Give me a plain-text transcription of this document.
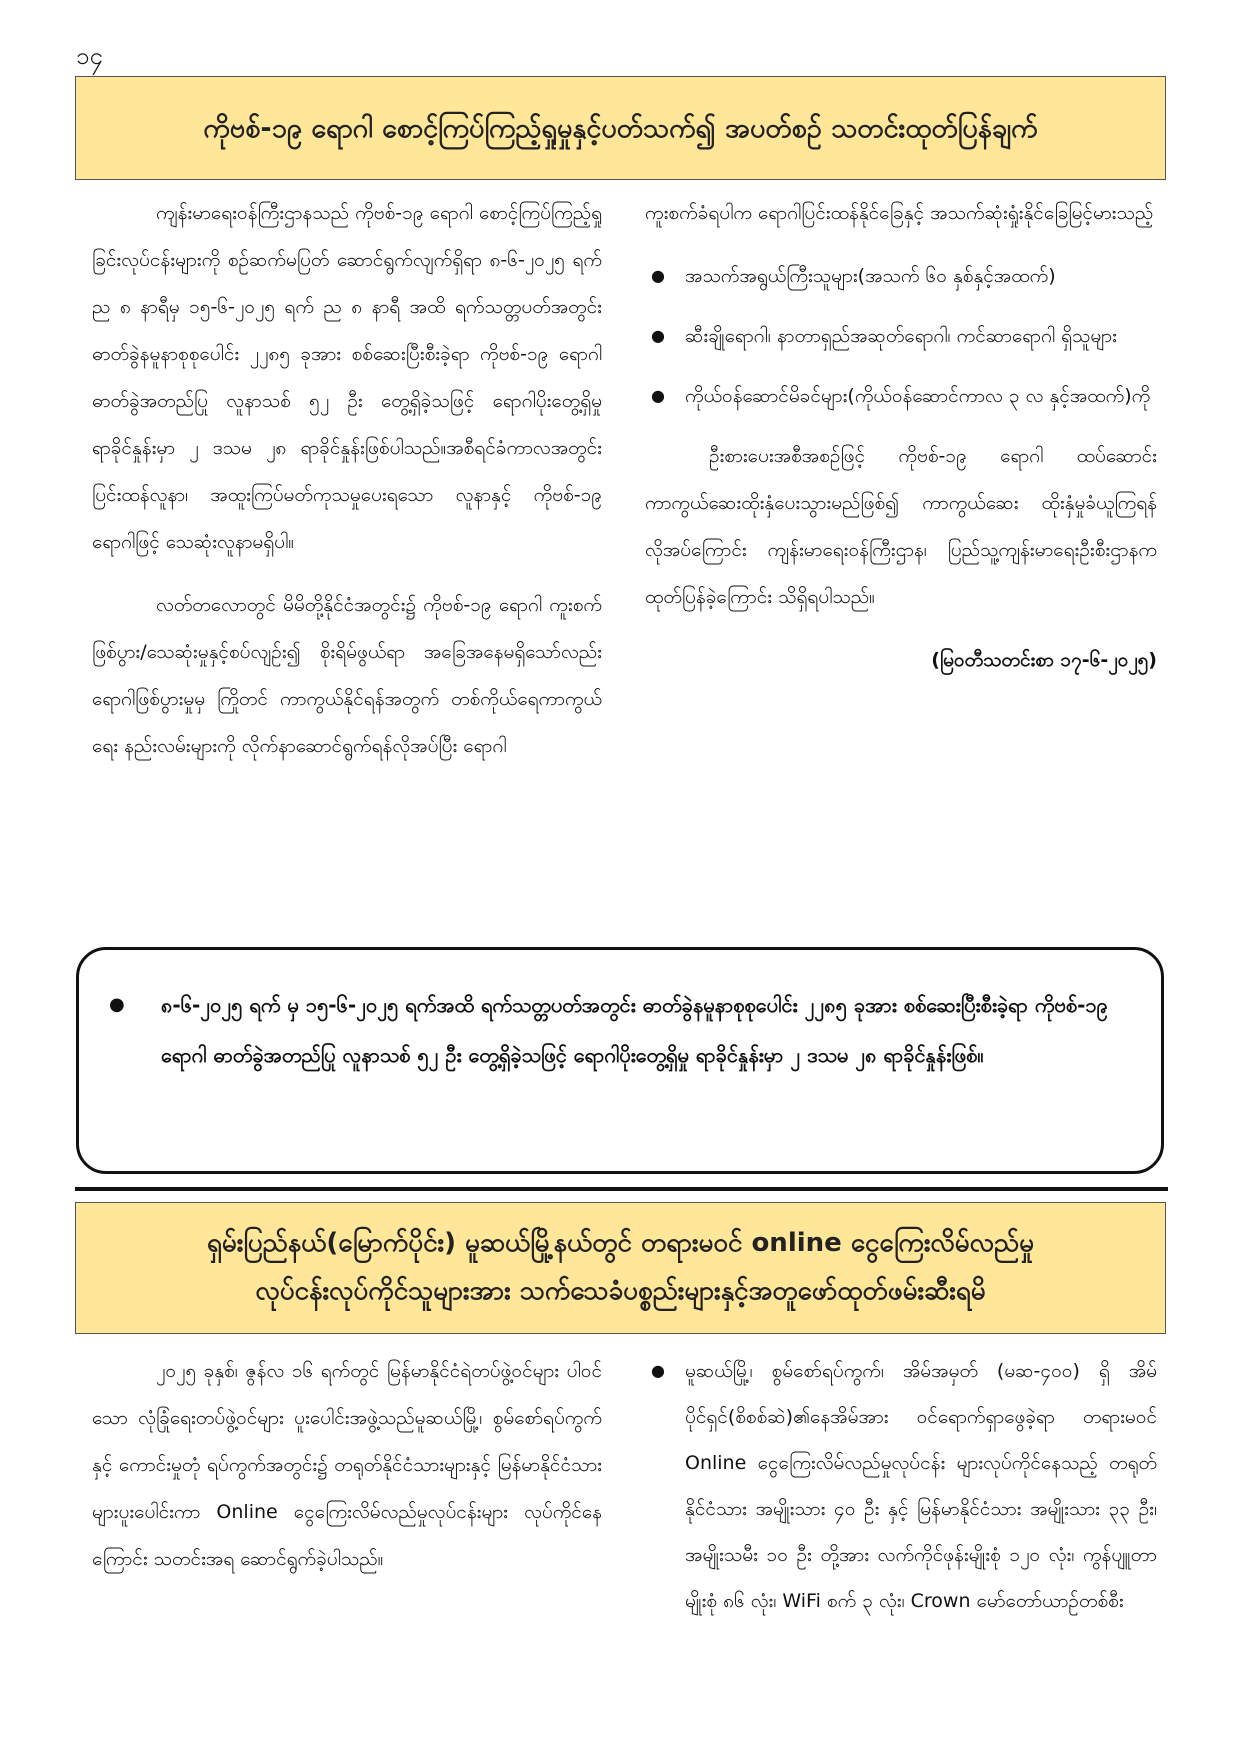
၁၄
ကိုဗစ်-၁၉ ရောဂါ စောင့်ကြပ်ကြည့်ရှုမှုနှင့်ပတ်သက်၍ အပတ်စဉ် သတင်းထုတ်ပြန်ချက်

ကျန်းမာရေးဝန်ကြီးဌာနသည် ကိုဗစ်-၁၉ ရောဂါ စောင့်ကြပ်ကြည့်ရှုခြင်းလုပ်ငန်းများကို စဉ်ဆက်မပြတ် ဆောင်ရွက်လျက်ရှိရာ ၈-၆-၂၀၂၅ ရက် ည ၈ နာရီမှ ၁၅-၆-၂၀၂၅ ရက် ည ၈ နာရီ အထိ ရက်သတ္တပတ်အတွင်း ဓာတ်ခွဲနမူနာစုစုပေါင်း ၂၂၈၅ ခုအား စစ်ဆေးပြီးစီးခဲ့ရာ ကိုဗစ်-၁၉ ရောဂါ ဓာတ်ခွဲအတည်ပြု လူနာသစ် ၅၂ ဦး တွေ့ရှိခဲ့သဖြင့် ရောဂါပိုးတွေ့ရှိမှု ရာခိုင်နှုန်းမှာ ၂ ဒသမ ၂၈ ရာခိုင်နှုန်းဖြစ်ပါသည်။အစီရင်ခံကာလအတွင်း ပြင်းထန်လူနာ၊ အထူးကြပ်မတ်ကုသမှုပေးရသော လူနာနှင့် ကိုဗစ်-၁၉ ရောဂါဖြင့် သေဆုံးလူနာမရှိပါ။

လတ်တလောတွင် မိမိတို့နိုင်ငံအတွင်း၌ ကိုဗစ်-၁၉ ရောဂါ ကူးစက်ဖြစ်ပွား/သေဆုံးမှုနှင့်စပ်လျဉ်း၍ စိုးရိမ်ဖွယ်ရာ အခြေအနေမရှိသော်လည်း ရောဂါဖြစ်ပွားမှုမှ ကြိုတင် ကာကွယ်နိုင်ရန်အတွက် တစ်ကိုယ်ရေကာကွယ်ရေး နည်းလမ်းများကို လိုက်နာဆောင်ရွက်ရန်လိုအပ်ပြီး ရောဂါ

ကူးစက်ခံရပါက ရောဂါပြင်းထန်နိုင်ခြေနှင့် အသက်ဆုံးရှုံးနိုင်ခြေမြင့်မားသည့်

● အသက်အရွယ်ကြီးသူများ(အသက် ၆၀ နှစ်နှင့်အထက်)
● ဆီးချိုရောဂါ၊ နာတာရှည်အဆုတ်ရောဂါ၊ ကင်ဆာရောဂါ ရှိသူများ
● ကိုယ်ဝန်ဆောင်မိခင်များ(ကိုယ်ဝန်ဆောင်ကာလ ၃ လ နှင့်အထက်)ကို

ဦးစားပေးအစီအစဉ်ဖြင့် ကိုဗစ်-၁၉ ရောဂါ ထပ်ဆောင်းကာကွယ်ဆေးထိုးနှံပေးသွားမည်ဖြစ်၍ ကာကွယ်ဆေး ထိုးနှံမှုခံယူကြရန် လိုအပ်ကြောင်း ကျန်းမာရေးဝန်ကြီးဌာန၊ ပြည်သူ့ကျန်းမာရေးဦးစီးဌာနက ထုတ်ပြန်ခဲ့ကြောင်း သိရှိရပါသည်။

(မြဝတီသတင်းစာ ၁၇-၆-၂၀၂၅)
● ၈-၆-၂၀၂၅ ရက် မှ ၁၅-၆-၂၀၂၅ ရက်အထိ ရက်သတ္တပတ်အတွင်း ဓာတ်ခွဲနမူနာစုစုပေါင်း ၂၂၈၅ ခုအား စစ်ဆေးပြီးစီးခဲ့ရာ ကိုဗစ်-၁၉ ရောဂါ ဓာတ်ခွဲအတည်ပြု လူနာသစ် ၅၂ ဦး တွေ့ရှိခဲ့သဖြင့် ရောဂါပိုးတွေ့ရှိမှု ရာခိုင်နှုန်းမှာ ၂ ဒသမ ၂၈ ရာခိုင်နှုန်းဖြစ်။
ရှမ်းပြည်နယ်(မြောက်ပိုင်း) မူဆယ်မြို့နယ်တွင် တရားမဝင် online ငွေကြေးလိမ်လည်မှု
လုပ်ငန်းလုပ်ကိုင်သူများအား သက်သေခံပစ္စည်းများနှင့်အတူဖော်ထုတ်ဖမ်းဆီးရမိ

၂၀၂၅ ခုနှစ်၊ ဇွန်လ ၁၆ ရက်တွင် မြန်မာနိုင်ငံရဲတပ်ဖွဲ့ဝင်များ ပါဝင်သော လုံခြုံရေးတပ်ဖွဲ့ဝင်များ ပူးပေါင်းအဖွဲ့သည်မူဆယ်မြို့၊ စွမ်စော်ရပ်ကွက်နှင့် ကောင်းမှုတုံ ရပ်ကွက်အတွင်း၌ တရုတ်နိုင်ငံသားများနှင့် မြန်မာနိုင်ငံသား များပူးပေါင်းကာ Online ငွေကြေးလိမ်လည်မှုလုပ်ငန်းများ လုပ်ကိုင်နေကြောင်း သတင်းအရ ဆောင်ရွက်ခဲ့ပါသည်။

● မူဆယ်မြို့၊ စွမ်စော်ရပ်ကွက်၊ အိမ်အမှတ် (မဆ-၄၀၀) ရှိ အိမ်ပိုင်ရှင်(စိစစ်ဆဲ)၏နေအိမ်အား ဝင်ရောက်ရှာဖွေခဲ့ရာ တရားမဝင် Online ငွေကြေးလိမ်လည်မှုလုပ်ငန်း များလုပ်ကိုင်နေသည့် တရုတ်နိုင်ငံသား အမျိုးသား ၄၀ ဦး နှင့် မြန်မာနိုင်ငံသား အမျိုးသား ၃၃ ဦး၊ အမျိုးသမီး ၁၀ ဦး တို့အား လက်ကိုင်ဖုန်းမျိုးစုံ ၁၂၀ လုံး၊ ကွန်ပျူတာမျိုးစုံ ၈၆ လုံး၊ WiFi စက် ၃ လုံး၊ Crown မော်တော်ယာဉ်တစ်စီး
